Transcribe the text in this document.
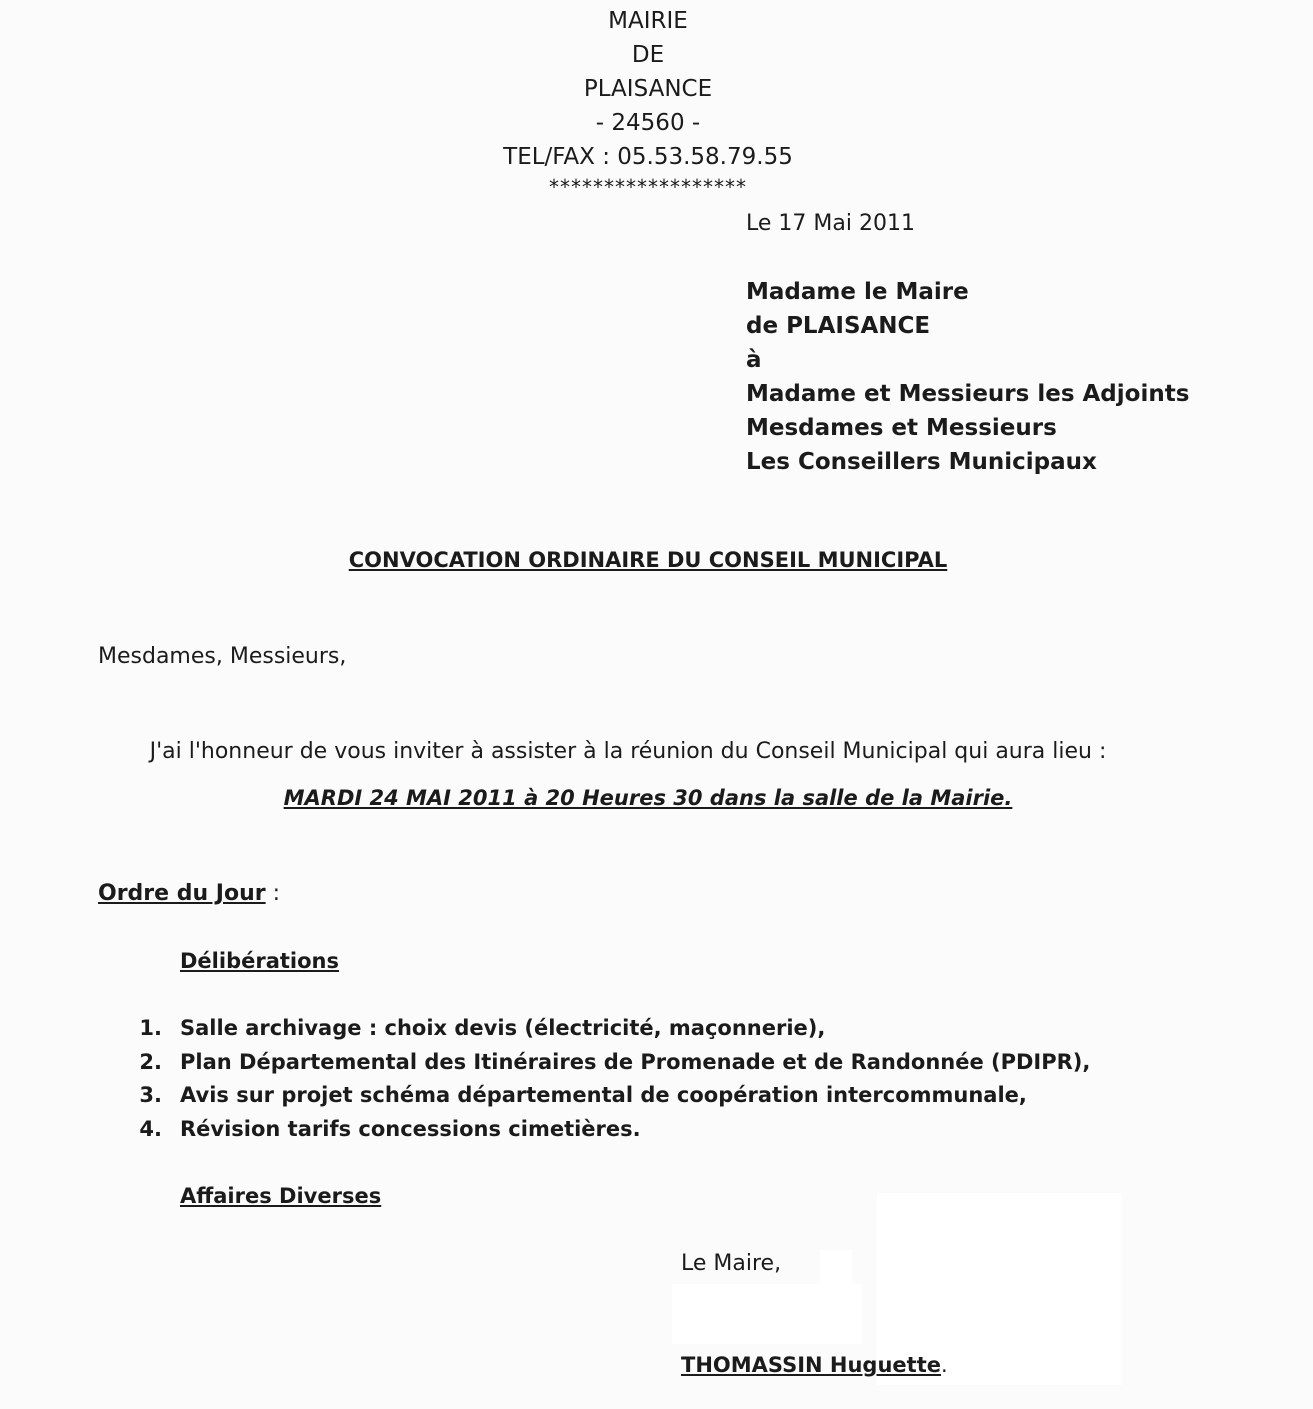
MAIRIE
DE
PLAISANCE
- 24560 -
TEL/FAX : 05.53.58.79.55
******************
Le 17 Mai 2011
Madame le Maire
de PLAISANCE
à
Madame et Messieurs les Adjoints
Mesdames et Messieurs
Les Conseillers Municipaux
CONVOCATION ORDINAIRE DU CONSEIL MUNICIPAL
Mesdames, Messieurs,
J'ai l'honneur de vous inviter à assister à la réunion du Conseil Municipal qui aura lieu :
MARDI 24 MAI 2011 à 20 Heures 30 dans la salle de la Mairie.
Ordre du Jour :
Délibérations
1. Salle archivage : choix devis (électricité, maçonnerie),
2. Plan Départemental des Itinéraires de Promenade et de Randonnée (PDIPR),
3. Avis sur projet schéma départemental de coopération intercommunale,
4. Révision tarifs concessions cimetières.
Affaires Diverses
Le Maire,
THOMASSIN Huguette.
